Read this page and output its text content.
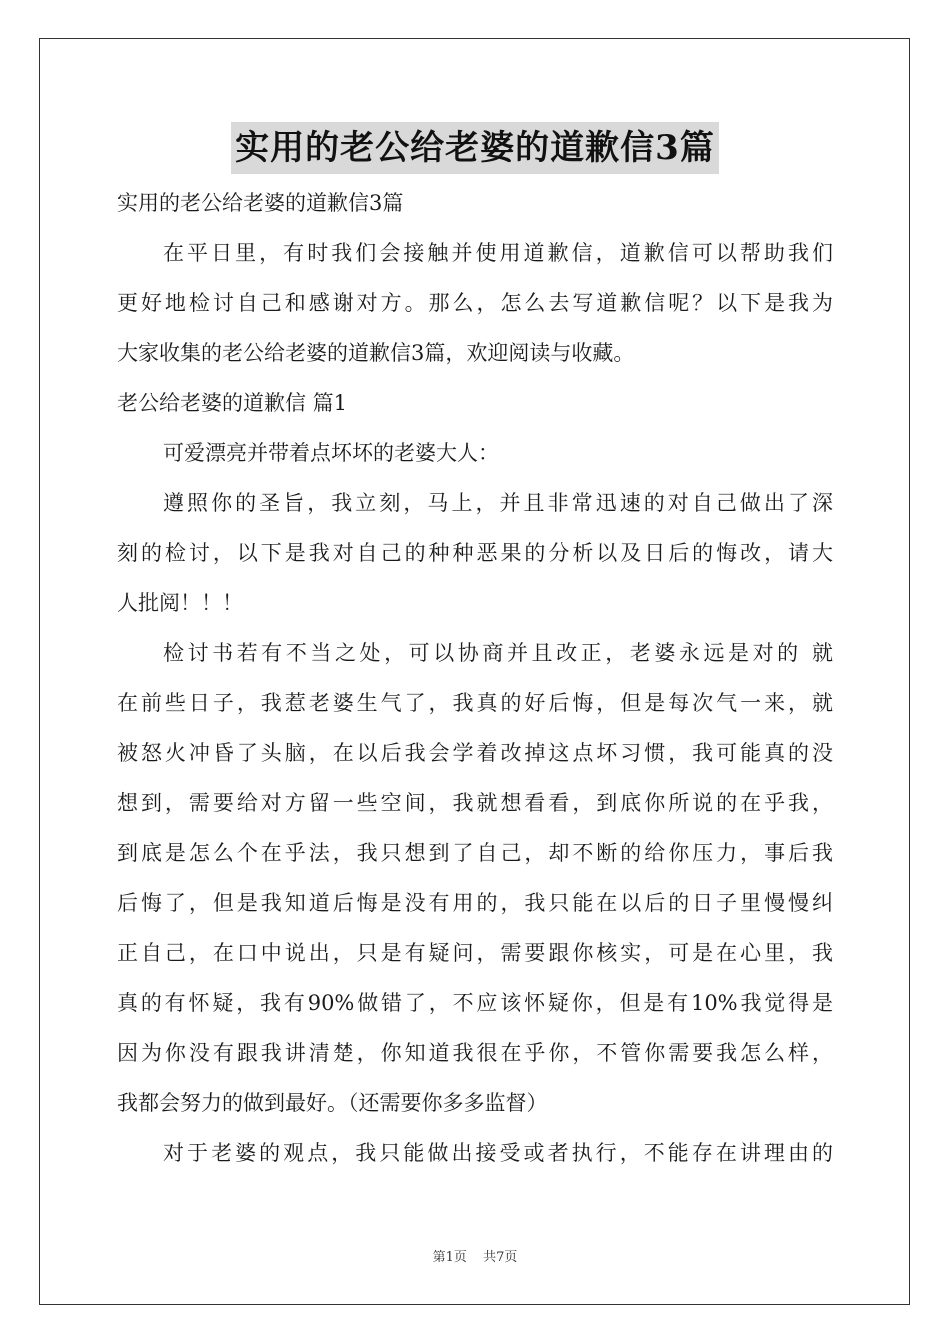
实用的老公给老婆的道歉信3篇
实用的老公给老婆的道歉信3篇
在平日里，有时我们会接触并使用道歉信，道歉信可以帮助我们
更好地检讨自己和感谢对方。那么，怎么去写道歉信呢？以下是我为
大家收集的老公给老婆的道歉信3篇，欢迎阅读与收藏。
老公给老婆的道歉信 篇1
可爱漂亮并带着点坏坏的老婆大人：
遵照你的圣旨，我立刻，马上，并且非常迅速的对自己做出了深
刻的检讨，以下是我对自己的种种恶果的分析以及日后的悔改，请大
人批阅！！！
检讨书若有不当之处，可以协商并且改正，老婆永远是对的 就
在前些日子，我惹老婆生气了，我真的好后悔，但是每次气一来，就
被怒火冲昏了头脑，在以后我会学着改掉这点坏习惯，我可能真的没
想到，需要给对方留一些空间，我就想看看，到底你所说的在乎我，
到底是怎么个在乎法，我只想到了自己，却不断的给你压力，事后我
后悔了，但是我知道后悔是没有用的，我只能在以后的日子里慢慢纠
正自己，在口中说出，只是有疑问，需要跟你核实，可是在心里，我
真的有怀疑，我有90%做错了，不应该怀疑你，但是有10%我觉得是
因为你没有跟我讲清楚，你知道我很在乎你，不管你需要我怎么样，
我都会努力的做到最好。（还需要你多多监督）
对于老婆的观点，我只能做出接受或者执行，不能存在讲理由的
第1页 共7页
